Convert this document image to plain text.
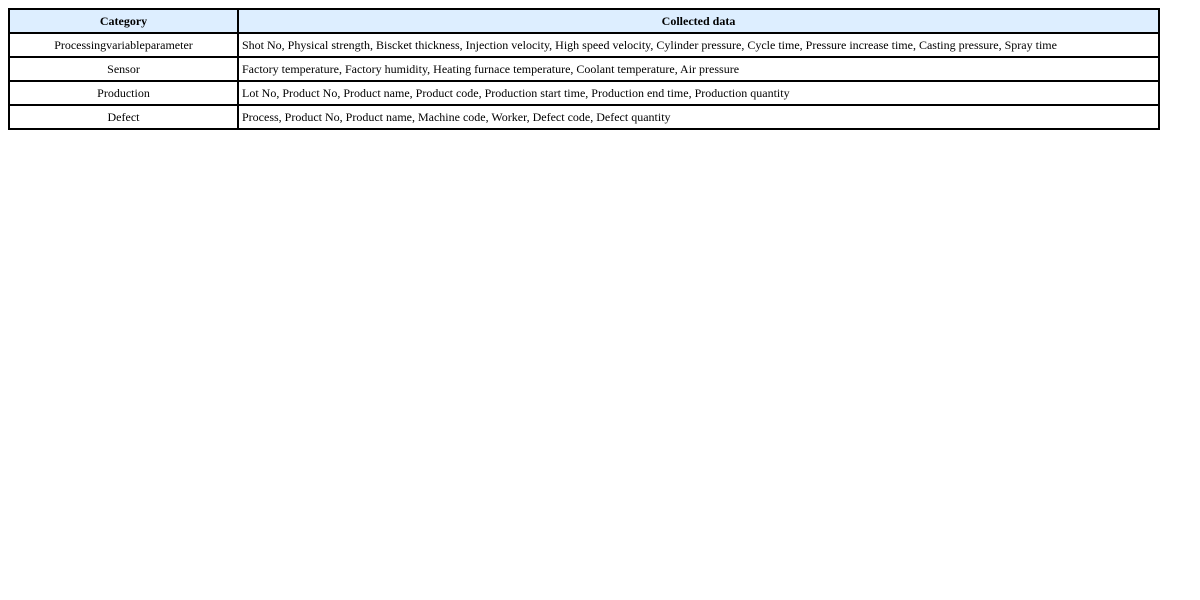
Category	Collected data
Processingvariableparameter	Shot No, Physical strength, Biscket thickness, Injection velocity, High speed velocity, Cylinder pressure, Cycle time, Pressure increase time, Casting pressure, Spray time
Sensor	Factory temperature, Factory humidity, Heating furnace temperature, Coolant temperature, Air pressure
Production	Lot No, Product No, Product name, Product code, Production start time, Production end time, Production quantity
Defect	Process, Product No, Product name, Machine code, Worker, Defect code, Defect quantity
